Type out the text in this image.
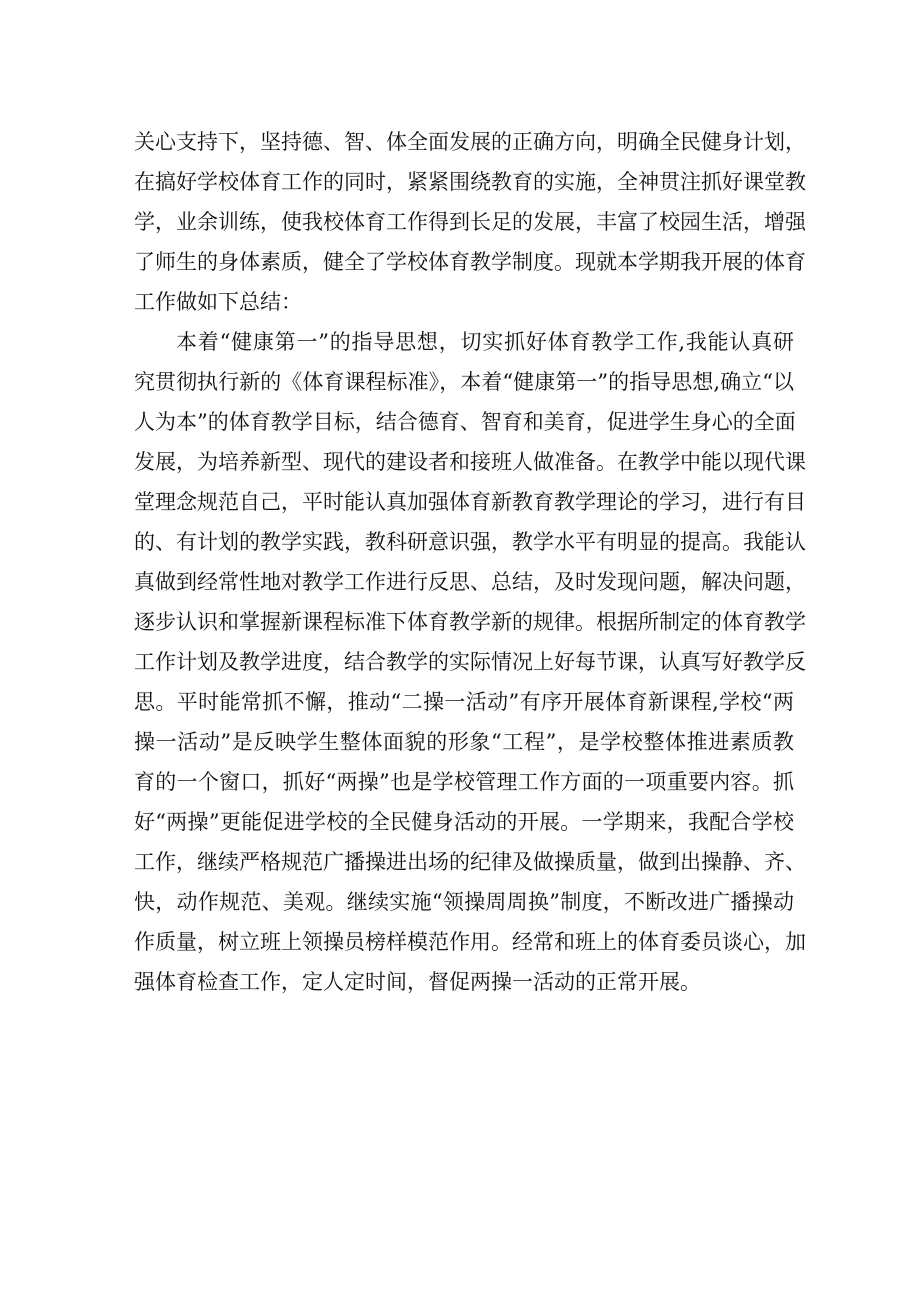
关心支持下，坚持德、智、体全面发展的正确方向，明确全民健身计划，
在搞好学校体育工作的同时，紧紧围绕教育的实施，全神贯注抓好课堂教
学，业余训练，使我校体育工作得到长足的发展，丰富了校园生活，增强
了师生的身体素质，健全了学校体育教学制度。现就本学期我开展的体育
工作做如下总结：
本着“健康第一”的指导思想，切实抓好体育教学工作,我能认真研
究贯彻执行新的《体育课程标准》，本着“健康第一”的指导思想,确立“以
人为本”的体育教学目标，结合德育、智育和美育，促进学生身心的全面
发展，为培养新型、现代的建设者和接班人做准备。在教学中能以现代课
堂理念规范自己，平时能认真加强体育新教育教学理论的学习，进行有目
的、有计划的教学实践，教科研意识强，教学水平有明显的提高。我能认
真做到经常性地对教学工作进行反思、总结，及时发现问题，解决问题，
逐步认识和掌握新课程标准下体育教学新的规律。根据所制定的体育教学
工作计划及教学进度，结合教学的实际情况上好每节课，认真写好教学反
思。平时能常抓不懈，推动“二操一活动”有序开展体育新课程,学校“两
操一活动”是反映学生整体面貌的形象“工程”，是学校整体推进素质教
育的一个窗口，抓好“两操”也是学校管理工作方面的一项重要内容。抓
好“两操”更能促进学校的全民健身活动的开展。一学期来，我配合学校
工作，继续严格规范广播操进出场的纪律及做操质量，做到出操静、齐、
快，动作规范、美观。继续实施“领操周周换”制度，不断改进广播操动
作质量，树立班上领操员榜样模范作用。经常和班上的体育委员谈心，加
强体育检查工作，定人定时间，督促两操一活动的正常开展。
